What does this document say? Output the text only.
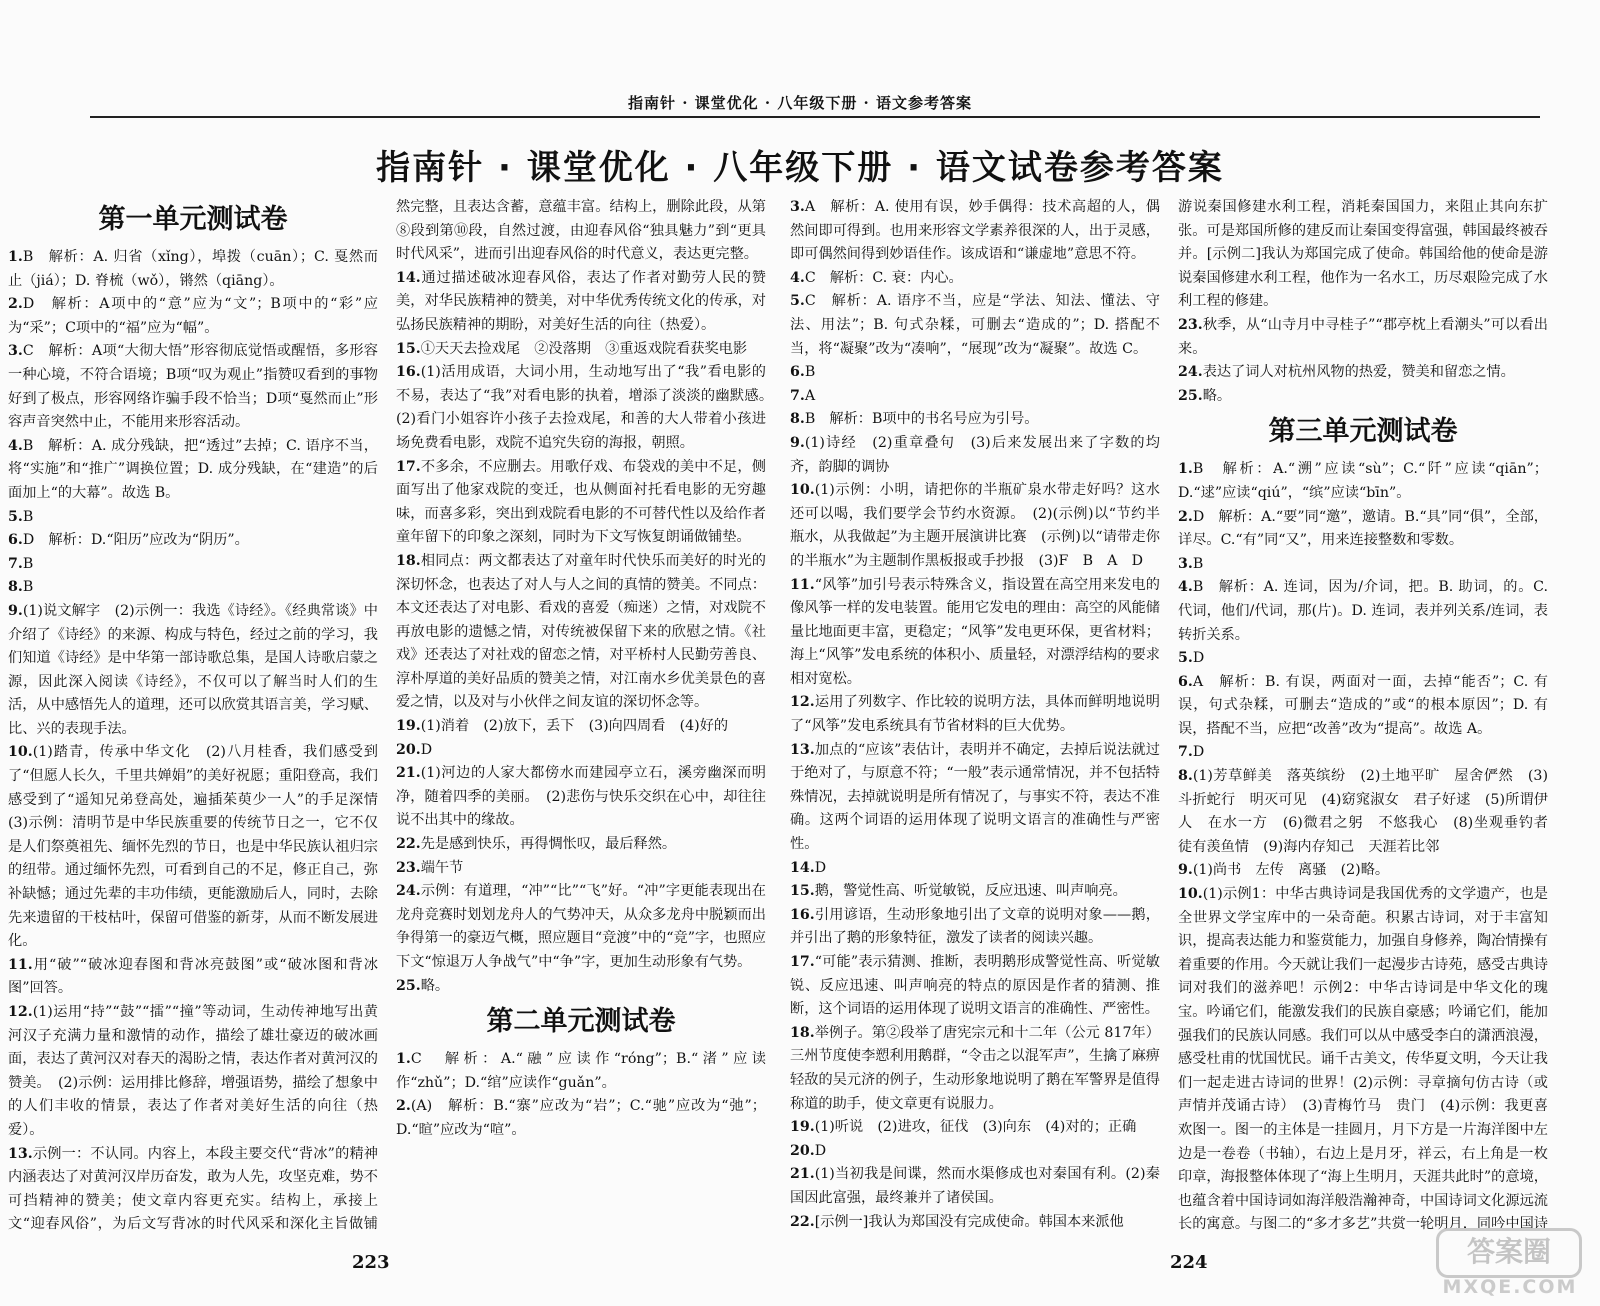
指南针 · 课堂优化 · 八年级下册 · 语文参考答案
指南针 · 课堂优化 · 八年级下册 · 语文试卷参考答案
第一单元测试卷

1.B　解析：A. 归省（xǐng），埠拨（cuān）；C. 戛然而止（jiá）；D. 脊梳（wǒ），锵然（qiāng）。

2.D　解析：A项中的“意”应为“文”；B项中的“彩”应为“采”；C项中的“福”应为“幅”。

3.C　解析：A项“大彻大悟”形容彻底觉悟或醒悟，多形容一种心境，不符合语境；B项“叹为观止”指赞叹看到的事物好到了极点，形容网络诈骗手段不恰当；D项“戛然而止”形容声音突然中止，不能用来形容活动。

4.B　解析：A. 成分残缺，把“透过”去掉；C. 语序不当，将“实施”和“推广”调换位置；D. 成分残缺，在“建造”的后面加上“的大幕”。故选 B。

5.B

6.D　解析：D.“阳历”应改为“阴历”。

7.B

8.B

9.(1)说文解字　(2)示例一：我选《诗经》。《经典常谈》中介绍了《诗经》的来源、构成与特色，经过之前的学习，我们知道《诗经》是中华第一部诗歌总集，是国人诗歌启蒙之源，因此深入阅读《诗经》，不仅可以了解当时人们的生活，从中感悟先人的道理，还可以欣赏其语言美，学习赋、比、兴的表现手法。

10.(1)踏青，传承中华文化　(2)八月桂香，我们感受到了“但愿人长久，千里共婵娟”的美好祝愿；重阳登高，我们感受到了“遥知兄弟登高处，遍插茱萸少一人”的手足深情　(3)示例：清明节是中华民族重要的传统节日之一，它不仅是人们祭奠祖先、缅怀先烈的节日，也是中华民族认祖归宗的纽带。通过缅怀先烈，可看到自己的不足，修正自己，弥补缺憾；通过先辈的丰功伟绩，更能激励后人，同时，去除先来遗留的干枝枯叶，保留可借鉴的新芽，从而不断发展进化。

11.用“破”“破冰迎春图和背冰亮鼓图”或“破冰图和背冰图”回答。

12.(1)运用“持”“鼓”“擂”“撞”等动词，生动传神地写出黄河汉子充满力量和激情的动作，描绘了雄壮豪迈的破冰画面，表达了黄河汉对春天的渴盼之情，表达作者对黄河汉的赞美。　(2)示例：运用排比修辞，增强语势，描绘了想象中的人们丰收的情景，表达了作者对美好生活的向往（热爱）。

13.示例一：不认同。内容上，本段主要交代“背冰”的精神内涵表达了对黄河汉岸历奋发，敢为人先，攻坚克难，势不可挡精神的赞美；使文章内容更充实。结构上，承接上文“迎春风俗”，为后文写背冰的时代风采和深化主旨做铺　

然完整，且表达含蓄，意蕴丰富。结构上，删除此段，从第⑧段到第⑩段，自然过渡，由迎春风俗“独具魅力”到“更具时代风采”，进而引出迎春风俗的时代意义，表达更完整。

14.通过描述破冰迎春风俗，表达了作者对勤劳人民的赞美，对华民族精神的赞美，对中华优秀传统文化的传承，对弘扬民族精神的期盼，对美好生活的向往（热爱）。

15.①天天去捡戏尾　②没落期　③重返戏院看获奖电影

16.(1)活用成语，大词小用，生动地写出了“我”看电影的不易，表达了“我”对看电影的执着，增添了淡淡的幽默感。　(2)看门小姐容许小孩子去捡戏尾，和善的大人带着小孩进场免费看电影，戏院不追究失窃的海报，朝照。

17.不多余，不应删去。用歌仔戏、布袋戏的美中不足，侧面写出了他家戏院的变迁，也从侧面衬托看电影的无穷趣味，而喜多彩，突出到戏院看电影的不可替代性以及给作者童年留下的印象之深刻，同时为下文写恢复朗诵做铺垫。

18.相同点：两文都表达了对童年时代快乐而美好的时光的深切怀念，也表达了对人与人之间的真情的赞美。不同点：本文还表达了对电影、看戏的喜爱（痴迷）之情，对戏院不再放电影的遗憾之情，对传统被保留下来的欣慰之情。《社戏》还表达了对社戏的留恋之情，对平桥村人民勤劳善良、淳朴厚道的美好品质的赞美之情，对江南水乡优美景色的喜爱之情，以及对与小伙伴之间友谊的深切怀念等。

19.(1)消着　(2)放下，丢下　(3)向四周看　(4)好的

20.D

21.(1)河边的人家大都傍水而建园亭立石，溪旁幽深而明净，随着四季的美丽。　(2)悲伤与快乐交织在心中，却往往说不出其中的缘故。

22.先是感到快乐，再得惆怅叹，最后释然。

23.端午节

24.示例：有道理，“冲”“比”“飞”好。“冲”字更能表现出在龙舟竞赛时划划龙舟人的气势冲天，从众多龙舟中脱颖而出争得第一的豪迈气概，照应题目“竞渡”中的“竞”字，也照应下文“惊退万人争战气”中“争”字，更加生动形象有气势。

25.略。

第二单元测试卷

1.C　解析：A.“融”应读作“róng”；B.“渚”应读作“zhǔ”；D.“绾”应读作“guǎn”。

2.(A)　解析：B.“寨”应改为“岩”；C.“驰”应改为“弛”；D.“暄”应改为“喧”。

3.A　解析：A. 使用有误，妙手偶得：技术高超的人，偶然间即可得到。也用来形容文学素养很深的人，出于灵感，即可偶然间得到妙语佳作。该成语和“谦虚地”意思不符。

4.C　解析：C. 衰：内心。

5.C　解析：A. 语序不当，应是“学法、知法、懂法、守法、用法”；B. 句式杂糅，可删去“造成的”；D. 搭配不当，将“凝聚”改为“凑响”，“展现”改为“凝聚”。故选 C。

6.B

7.A

8.B　解析：B项中的书名号应为引号。

9.(1)诗经　(2)重章叠句　(3)后来发展出来了字数的均齐，韵脚的调协

10.(1)示例：小明，请把你的半瓶矿泉水带走好吗？这水还可以喝，我们要学会节约水资源。　(2)(示例)以“节约半瓶水，从我做起”为主题开展演讲比赛　(示例)以“请带走你的半瓶水”为主题制作黑板报或手抄报　(3)F　B　A　D

11.“风筝”加引号表示特殊含义，指设置在高空用来发电的像风筝一样的发电装置。能用它发电的理由：高空的风能储量比地面更丰富，更稳定；“风筝”发电更环保，更省材料；海上“风筝”发电系统的体积小、质量轻，对漂浮结构的要求相对宽松。

12.运用了列数字、作比较的说明方法，具体而鲜明地说明了“风筝”发电系统具有节省材料的巨大优势。

13.加点的“应该”表估计，表明并不确定，去掉后说法就过于绝对了，与原意不符；“一般”表示通常情况，并不包括特殊情况，去掉就说明是所有情况了，与事实不符，表达不准确。这两个词语的运用体现了说明文语言的准确性与严密性。

14.D

15.鹅，警觉性高、听觉敏锐，反应迅速、叫声响亮。

16.引用谚语，生动形象地引出了文章的说明对象——鹅，并引出了鹅的形象特征，激发了读者的阅读兴趣。

17.“可能”表示猜测、推断，表明鹅形成警觉性高、听觉敏锐、反应迅速、叫声响亮的特点的原因是作者的猜测、推断，这个词语的运用体现了说明文语言的准确性、严密性。

18.举例子。第②段举了唐宪宗元和十二年（公元 817年）三州节度使李愬利用鹅群，“令击之以混军声”，生擒了麻痹轻敌的吴元济的例子，生动形象地说明了鹅在军警界是值得称道的助手，使文章更有说服力。

19.(1)听说　(2)进攻，征伐　(3)向东　(4)对的；正确

20.D

21.(1)当初我是间谍，然而水渠修成也对秦国有利。(2)秦国因此富强，最终兼并了诸侯国。

22.[示例一]我认为郑国没有完成使命。韩国本来派他

游说秦国修建水利工程，消耗秦国国力，来阻止其向东扩张。可是郑国所修的建反而让秦国变得富强，韩国最终被吞并。[示例二]我认为郑国完成了使命。韩国给他的使命是游说秦国修建水利工程，他作为一名水工，历尽艰险完成了水利工程的修建。

23.秋季，从“山寺月中寻桂子”“郡亭枕上看潮头”可以看出来。

24.表达了词人对杭州风物的热爱，赞美和留恋之情。

25.略。

第三单元测试卷

1.B　解析：A.“溯”应读“sù”；C.“阡”应读“qiān”；D.“逑”应读“qiú”，“缤”应读“bīn”。

2.D　解析：A.“要”同“邀”，邀请。B.“具”同“俱”，全部，详尽。C.“有”同“又”，用来连接整数和零数。

3.B

4.B　解析：A. 连词，因为/介词，把。B. 助词，的。C. 代词，他们/代词，那(片)。D. 连词，表并列关系/连词，表转折关系。

5.D

6.A　解析：B. 有误，两面对一面，去掉“能否”；C. 有误，句式杂糅，可删去“造成的”或“的根本原因”；D. 有误，搭配不当，应把“改善”改为“提高”。故选 A。

7.D

8.(1)芳草鲜美　落英缤纷　(2)土地平旷　屋舍俨然　(3)斗折蛇行　明灭可见　(4)窈窕淑女　君子好逑　(5)所谓伊人　在水一方　(6)微君之躬　不悠我心　(8)坐观垂钓者　徒有羡鱼情　(9)海内存知己　天涯若比邻

9.(1)尚书　左传　离骚　(2)略。

10.(1)示例1：中华古典诗词是我国优秀的文学遗产，也是全世界文学宝库中的一朵奇葩。积累古诗词，对于丰富知识，提高表达能力和鉴赏能力，加强自身修养，陶冶情操有着重要的作用。今天就让我们一起漫步古诗苑，感受古典诗词对我们的滋养吧！示例2：中华古诗词是中华文化的瑰宝。吟诵它们，能激发我们的民族自豪感；吟诵它们，能加强我们的民族认同感。我们可以从中感受李白的潇洒浪漫，感受杜甫的忧国忧民。诵千古美文，传华夏文明，今天让我们一起走进古诗词的世界！(2)示例：寻章摘句仿古诗（或声情并茂诵古诗）　(3)青梅竹马　贵门　(4)示例：我更喜欢图一。图一的主体是一挂圆月，月下方是一片海洋图中左边是一卷卷（书轴），右边上是月牙，祥云，右上角是一枚印章，海报整体体现了“海上生明月，天涯共此时”的意境，也蕴含着中国诗词如海洋般浩瀚神奇，中国诗词文化源远流长的寓意。与图二的“多才多艺”共赏一轮明月，同吟中国诗

223	224	答案圈
MXQE.COM
